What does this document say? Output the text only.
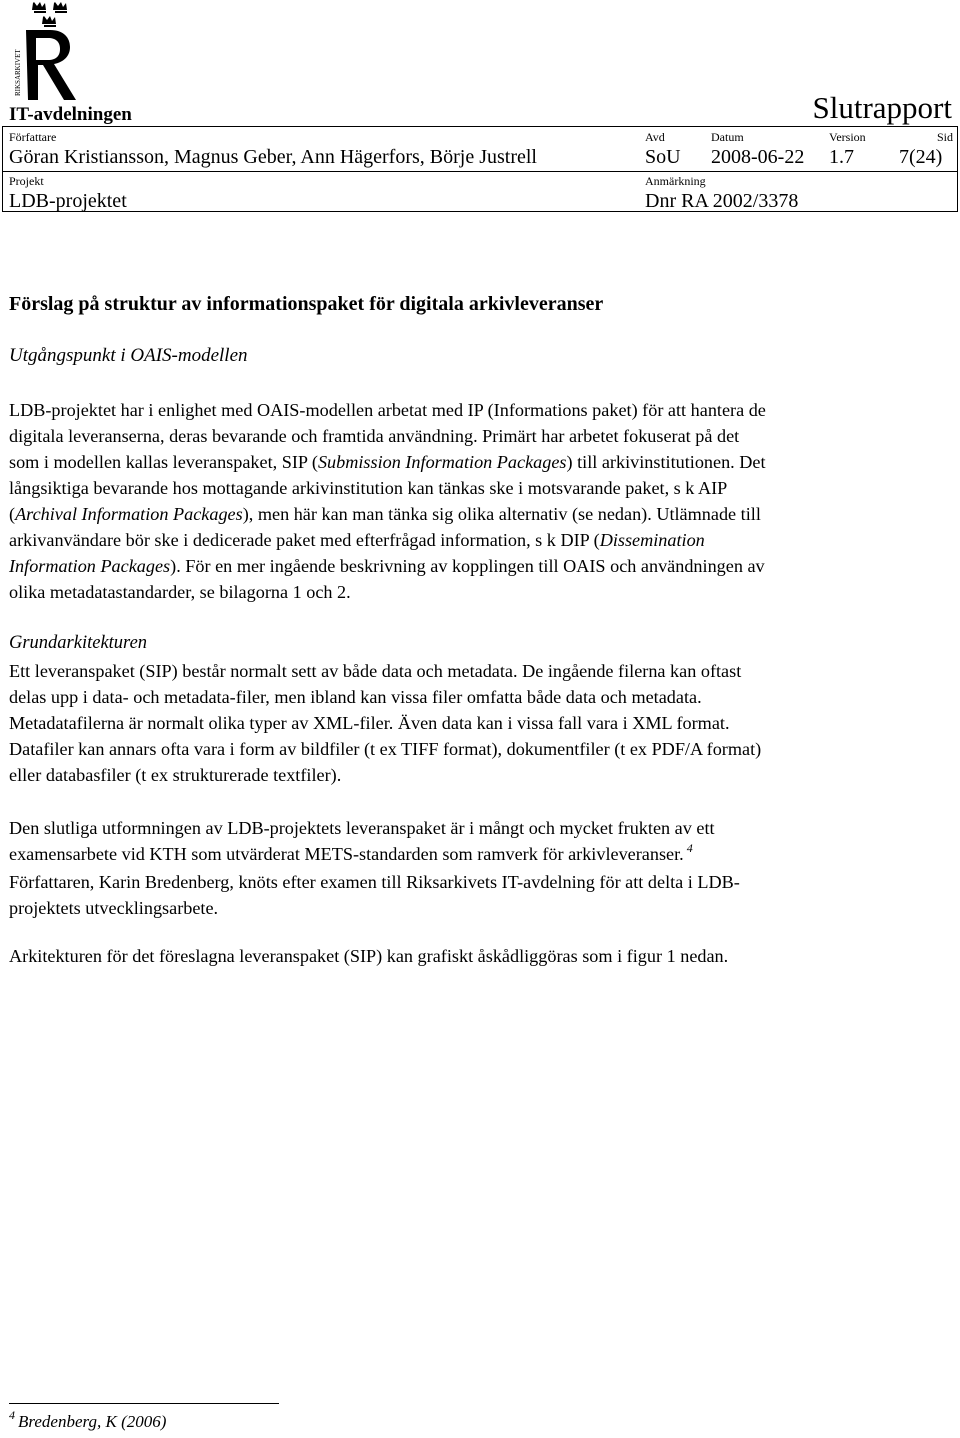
RIKSARKIVET
IT-avdelningen	Slutrapport
Författare
Göran Kristiansson, Magnus Geber, Ann Hägerfors, Börje Justrell
Avd
SoU
Datum
2008-06-22
Version
1.7
Sid
7(24)
Projekt
LDB-projektet
Anmärkning
Dnr RA 2002/3378
Förslag på struktur av informationspaket för digitala arkivleveranser
Utgångspunkt i OAIS-modellen
LDB-projektet har i enlighet med OAIS-modellen arbetat med IP (Informations paket) för att hantera de
digitala leveranserna, deras bevarande och framtida användning. Primärt har arbetet fokuserat på det
som i modellen kallas leveranspaket, SIP (Submission Information Packages) till arkivinstitutionen. Det
långsiktiga bevarande hos mottagande arkivinstitution kan tänkas ske i motsvarande paket, s k AIP
(Archival Information Packages), men här kan man tänka sig olika alternativ (se nedan). Utlämnade till
arkivanvändare bör ske i dedicerade paket med efterfrågad information, s k DIP (Dissemination
Information Packages). För en mer ingående beskrivning av kopplingen till OAIS och användningen av
olika metadatastandarder, se bilagorna 1 och 2.
Grundarkitekturen
Ett leveranspaket (SIP) består normalt sett av både data och metadata. De ingående filerna kan oftast
delas upp i data- och metadata-filer, men ibland kan vissa filer omfatta både data och metadata.
Metadatafilerna är normalt olika typer av XML-filer. Även data kan i vissa fall vara i XML format.
Datafiler kan annars ofta vara i form av bildfiler (t ex TIFF format), dokumentfiler (t ex PDF/A format)
eller databasfiler (t ex strukturerade textfiler).
Den slutliga utformningen av LDB-projektets leveranspaket är i mångt och mycket frukten av ett
examensarbete vid KTH som utvärderat METS-standarden som ramverk för arkivleveranser. $^4$
Författaren, Karin Bredenberg, knöts efter examen till Riksarkivets IT-avdelning för att delta i LDB-
projektets utvecklingsarbete.
Arkitekturen för det föreslagna leveranspaket (SIP) kan grafiskt åskådliggöras som i figur 1 nedan.
$^4$ Bredenberg, K (2006)
